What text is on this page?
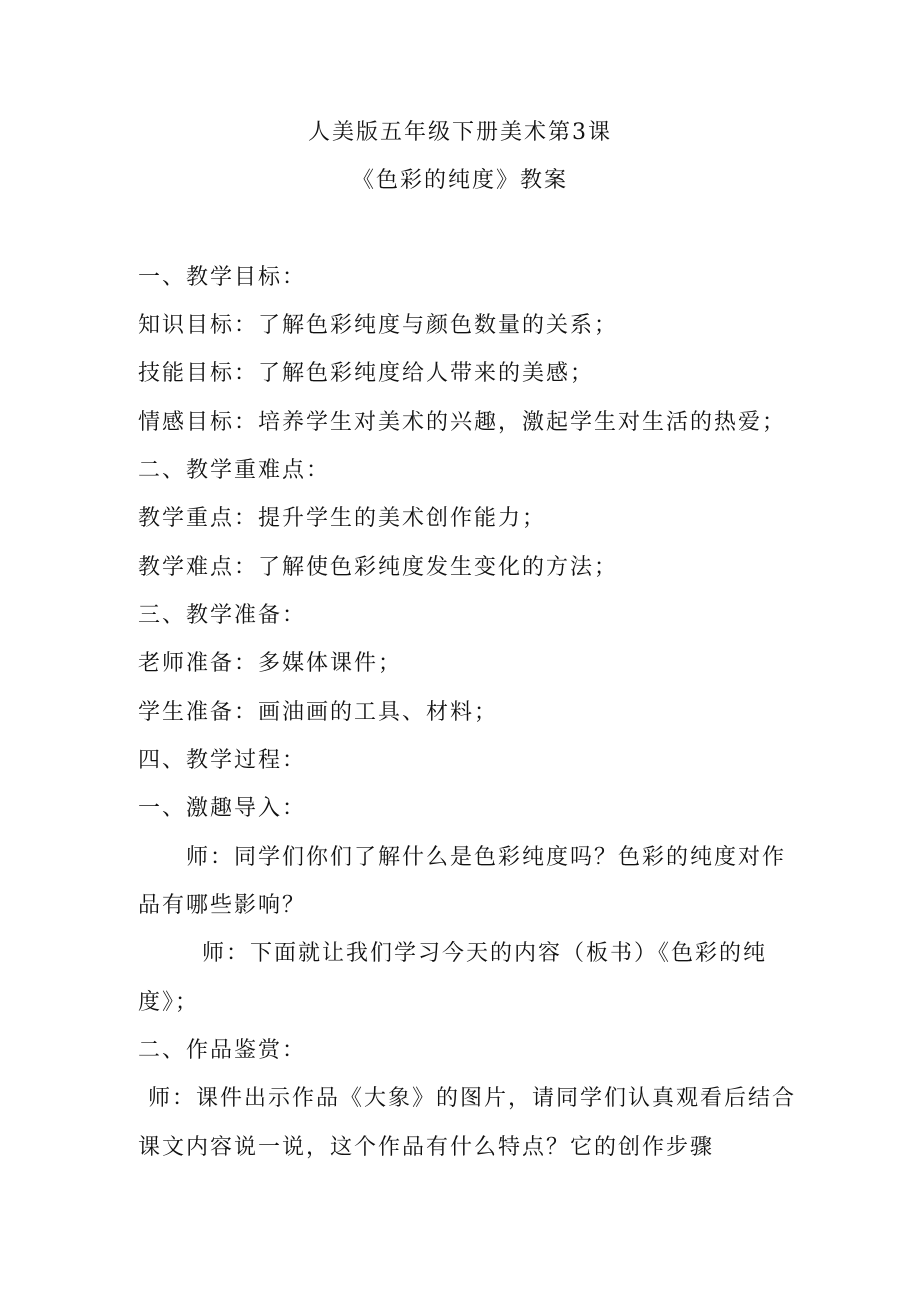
人美版五年级下册美术第3课
《色彩的纯度》教案
一、教学目标：
知识目标：了解色彩纯度与颜色数量的关系；
技能目标：了解色彩纯度给人带来的美感；
情感目标：培养学生对美术的兴趣，激起学生对生活的热爱；
二、教学重难点：
教学重点：提升学生的美术创作能力；
教学难点：了解使色彩纯度发生变化的方法；
三、教学准备：
老师准备：多媒体课件；
学生准备：画油画的工具、材料；
四、教学过程：
一、激趣导入：
师：同学们你们了解什么是色彩纯度吗？色彩的纯度对作
品有哪些影响？
师：下面就让我们学习今天的内容（板书）《色彩的纯
度》；
二、作品鉴赏：
师：课件出示作品《大象》的图片，请同学们认真观看后结合
课文内容说一说，这个作品有什么特点？它的创作步骤
